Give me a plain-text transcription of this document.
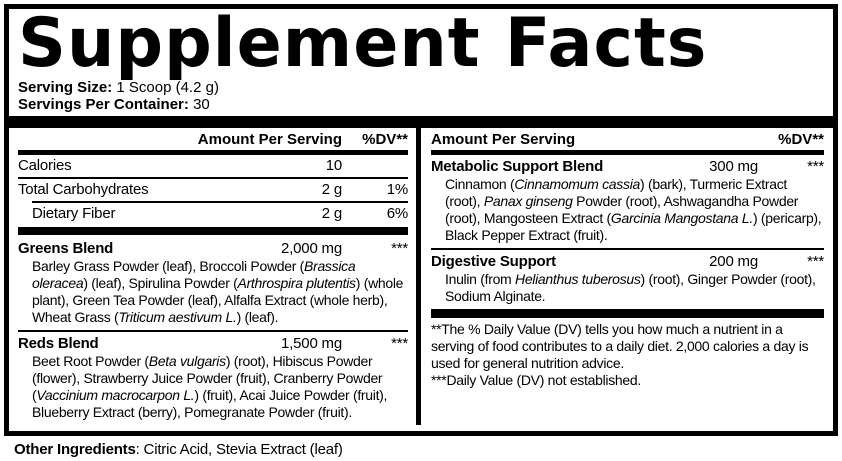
Supplement Facts
Serving Size: 1 Scoop (4.2 g)
Servings Per Container: 30
Amount Per Serving	%DV**
Calories	10
Total Carbohydrates	2 g	1%
Dietary Fiber	2 g	6%
Greens Blend	2,000 mg	***
Barley Grass Powder (leaf), Broccoli Powder (Brassica oleracea) (leaf), Spirulina Powder (Arthrospira plutentis) (whole plant), Green Tea Powder (leaf), Alfalfa Extract (whole herb), Wheat Grass (Triticum aestivum L.) (leaf).
Reds Blend	1,500 mg	***
Beet Root Powder (Beta vulgaris) (root), Hibiscus Powder (flower), Strawberry Juice Powder (fruit), Cranberry Powder (Vaccinium macrocarpon L.) (fruit), Acai Juice Powder (fruit), Blueberry Extract (berry), Pomegranate Powder (fruit).
Amount Per Serving	%DV**
Metabolic Support Blend	300 mg	***
Cinnamon (Cinnamomum cassia) (bark), Turmeric Extract (root), Panax ginseng Powder (root), Ashwagandha Powder (root), Mangosteen Extract (Garcinia Mangostana L.) (pericarp), Black Pepper Extract (fruit).
Digestive Support	200 mg	***
Inulin (from Helianthus tuberosus) (root), Ginger Powder (root), Sodium Alginate.

**The % Daily Value (DV) tells you how much a nutrient in a serving of food contributes to a daily diet. 2,000 calories a day is used for general nutrition advice.

***Daily Value (DV) not established.

Other Ingredients: Citric Acid, Stevia Extract (leaf)
